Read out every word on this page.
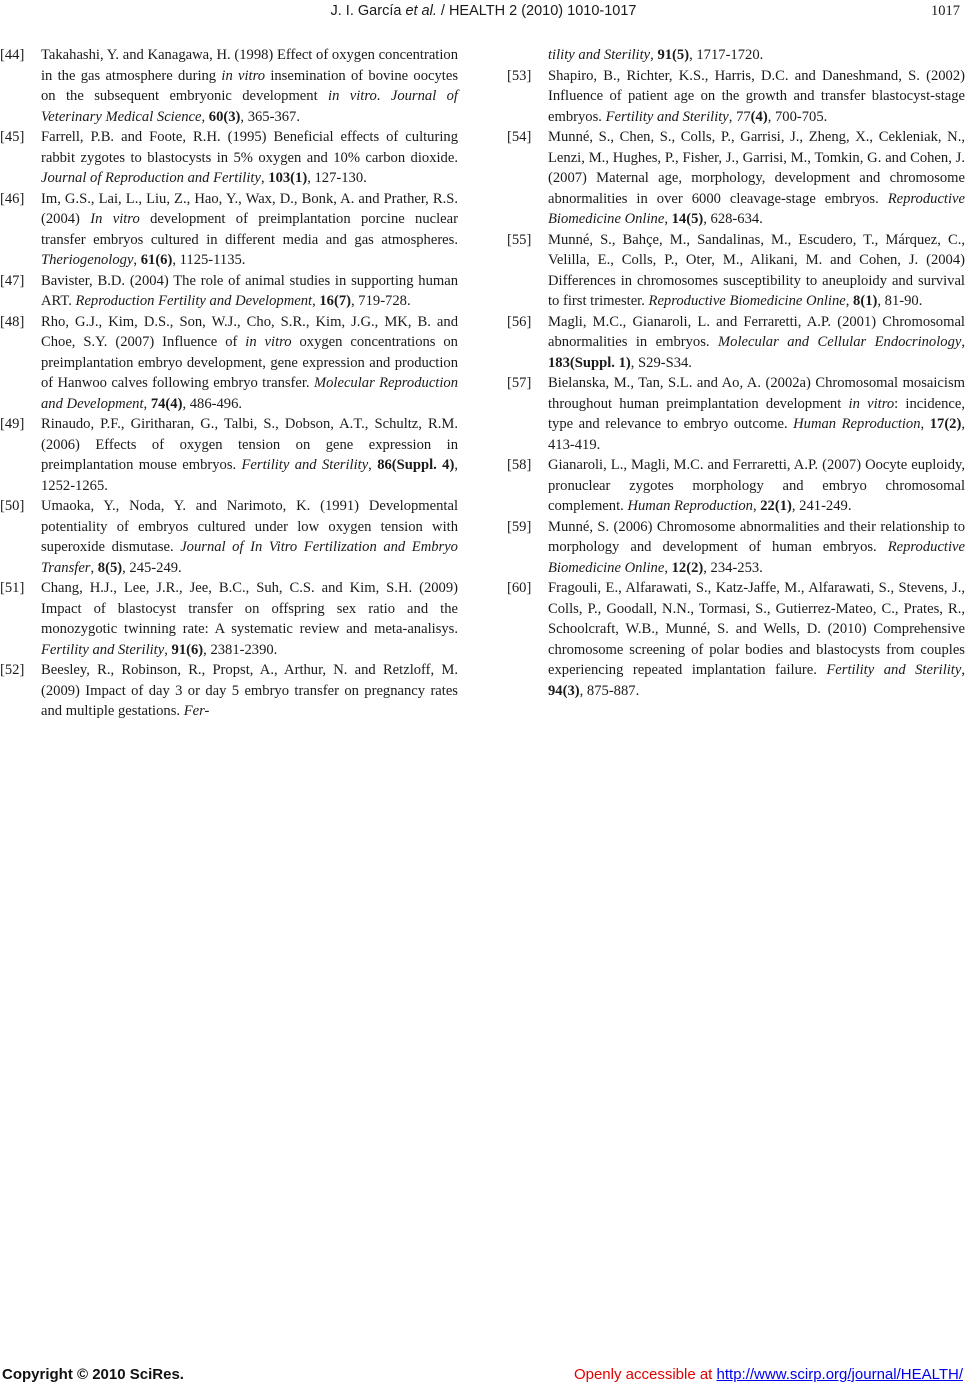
J. I. García et al. / HEALTH 2 (2010) 1010-1017	1017
[44] Takahashi, Y. and Kanagawa, H. (1998) Effect of oxygen concentration in the gas atmosphere during in vitro insemination of bovine oocytes on the subsequent embryonic development in vitro. Journal of Veterinary Medical Science, 60(3), 365-367.
[45] Farrell, P.B. and Foote, R.H. (1995) Beneficial effects of culturing rabbit zygotes to blastocysts in 5% oxygen and 10% carbon dioxide. Journal of Reproduction and Fertility, 103(1), 127-130.
[46] Im, G.S., Lai, L., Liu, Z., Hao, Y., Wax, D., Bonk, A. and Prather, R.S. (2004) In vitro development of preimplantation porcine nuclear transfer embryos cultured in different media and gas atmospheres. Theriogenology, 61(6), 1125-1135.
[47] Bavister, B.D. (2004) The role of animal studies in supporting human ART. Reproduction Fertility and Development, 16(7), 719-728.
[48] Rho, G.J., Kim, D.S., Son, W.J., Cho, S.R., Kim, J.G., MK, B. and Choe, S.Y. (2007) Influence of in vitro oxygen concentrations on preimplantation embryo development, gene expression and production of Hanwoo calves following embryo transfer. Molecular Reproduction and Development, 74(4), 486-496.
[49] Rinaudo, P.F., Giritharan, G., Talbi, S., Dobson, A.T., Schultz, R.M. (2006) Effects of oxygen tension on gene expression in preimplantation mouse embryos. Fertility and Sterility, 86(Suppl. 4), 1252-1265.
[50] Umaoka, Y., Noda, Y. and Narimoto, K. (1991) Developmental potentiality of embryos cultured under low oxygen tension with superoxide dismutase. Journal of In Vitro Fertilization and Embryo Transfer, 8(5), 245-249.
[51] Chang, H.J., Lee, J.R., Jee, B.C., Suh, C.S. and Kim, S.H. (2009) Impact of blastocyst transfer on offspring sex ratio and the monozygotic twinning rate: A systematic review and meta-analisys. Fertility and Sterility, 91(6), 2381-2390.
[52] Beesley, R., Robinson, R., Propst, A., Arthur, N. and Retzloff, M. (2009) Impact of day 3 or day 5 embryo transfer on pregnancy rates and multiple gestations. Fer-
tility and Sterility, 91(5), 1717-1720.
[53] Shapiro, B., Richter, K.S., Harris, D.C. and Daneshmand, S. (2002) Influence of patient age on the growth and transfer blastocyst-stage embryos. Fertility and Sterility, 77(4), 700-705.
[54] Munné, S., Chen, S., Colls, P., Garrisi, J., Zheng, X., Cekleniak, N., Lenzi, M., Hughes, P., Fisher, J., Garrisi, M., Tomkin, G. and Cohen, J. (2007) Maternal age, morphology, development and chromosome abnormalities in over 6000 cleavage-stage embryos. Reproductive Biomedicine Online, 14(5), 628-634.
[55] Munné, S., Bahçe, M., Sandalinas, M., Escudero, T., Márquez, C., Velilla, E., Colls, P., Oter, M., Alikani, M. and Cohen, J. (2004) Differences in chromosomes susceptibility to aneuploidy and survival to first trimester. Reproductive Biomedicine Online, 8(1), 81-90.
[56] Magli, M.C., Gianaroli, L. and Ferraretti, A.P. (2001) Chromosomal abnormalities in embryos. Molecular and Cellular Endocrinology, 183(Suppl. 1), S29-S34.
[57] Bielanska, M., Tan, S.L. and Ao, A. (2002a) Chromosomal mosaicism throughout human preimplantation development in vitro: incidence, type and relevance to embryo outcome. Human Reproduction, 17(2), 413-419.
[58] Gianaroli, L., Magli, M.C. and Ferraretti, A.P. (2007) Oocyte euploidy, pronuclear zygotes morphology and embryo chromosomal complement. Human Reproduction, 22(1), 241-249.
[59] Munné, S. (2006) Chromosome abnormalities and their relationship to morphology and development of human embryos. Reproductive Biomedicine Online, 12(2), 234-253.
[60] Fragouli, E., Alfarawati, S., Katz-Jaffe, M., Alfarawati, S., Stevens, J., Colls, P., Goodall, N.N., Tormasi, S., Gutierrez-Mateo, C., Prates, R., Schoolcraft, W.B., Munné, S. and Wells, D. (2010) Comprehensive chromosome screening of polar bodies and blastocysts from couples experiencing repeated implantation failure. Fertility and Sterility, 94(3), 875-887.
Copyright © 2010 SciRes.	Openly accessible at http://www.scirp.org/journal/HEALTH/
